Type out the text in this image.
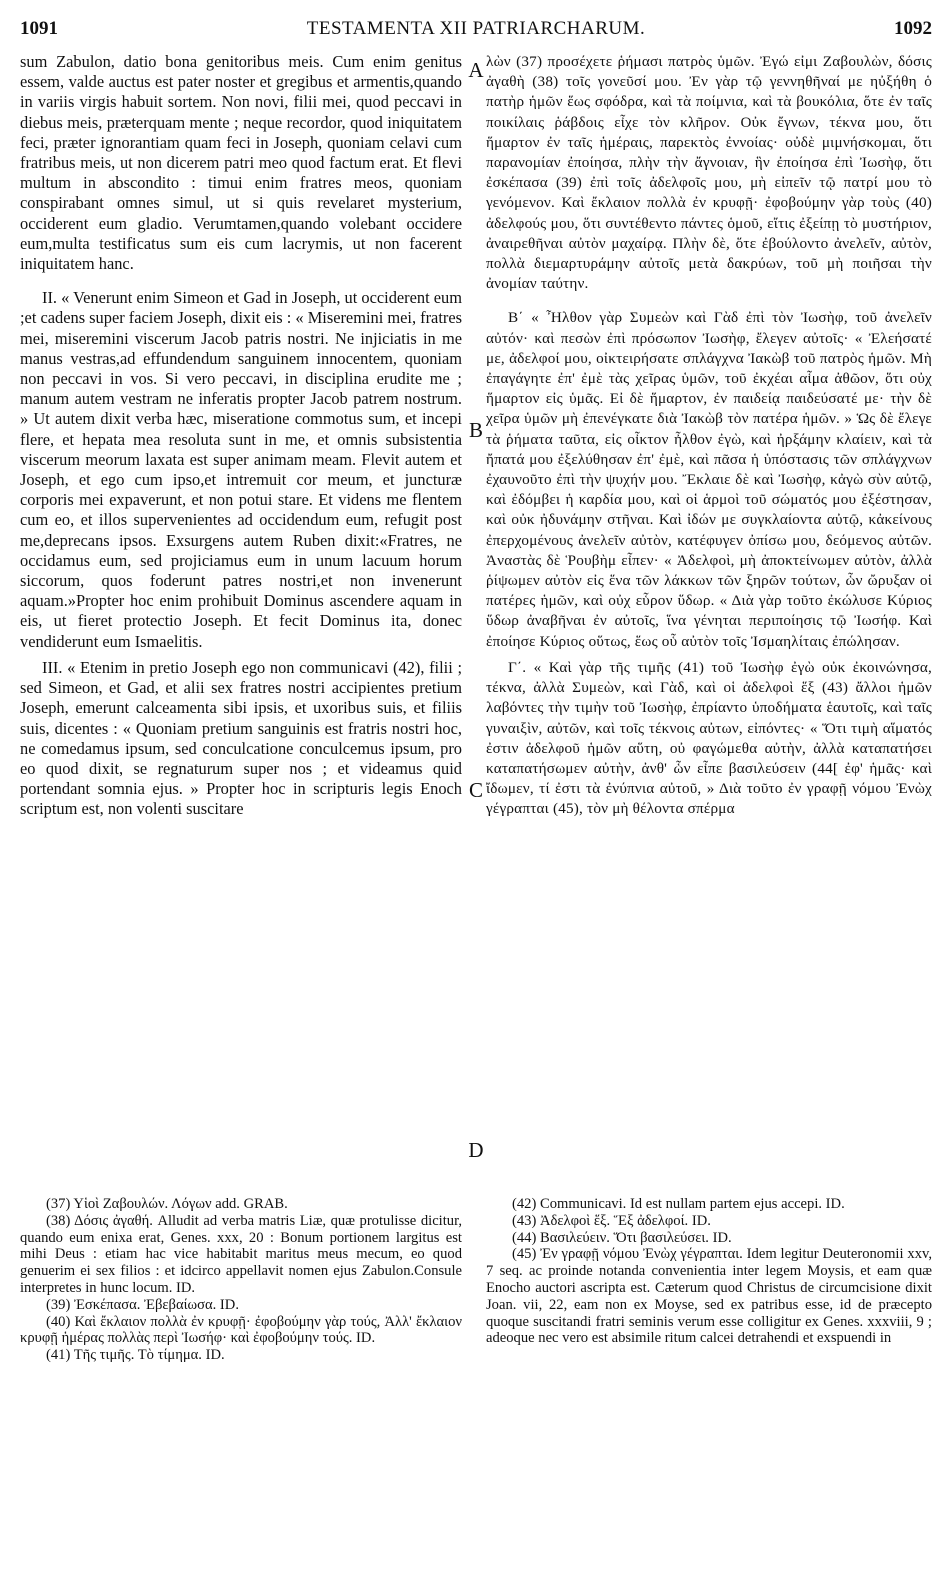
1091	TESTAMENTA XII PATRIARCHARUM.	1092

sum Zabulon, datio bona genitoribus meis. Cum enim genitus essem, valde auctus est pater noster et gregibus et armentis,quando in variis virgis habuit sortem. Non novi, filii mei, quod peccavi in diebus meis, præterquam mente ; neque recordor, quod iniquitatem feci, præter ignorantiam quam feci in Joseph, quoniam celavi cum fratribus meis, ut non dicerem patri meo quod factum erat. Et flevi multum in abscondito : timui enim fratres meos, quoniam conspirabant omnes simul, ut si quis revelaret mysterium, occiderent eum gladio. Verumtamen,quando volebant occidere eum,multa testificatus sum eis cum lacrymis, ut non facerent iniquitatem hanc.

II. « Venerunt enim Simeon et Gad in Joseph, ut occiderent eum ;et cadens super faciem Joseph, dixit eis : « Miseremini mei, fratres mei, miseremini viscerum Jacob patris nostri. Ne injiciatis in me manus vestras,ad effundendum sanguinem innocentem, quoniam non peccavi in vos. Si vero peccavi, in disciplina erudite me ; manum autem vestram ne inferatis propter Jacob patrem nostrum. » Ut autem dixit verba hæc, miseratione commotus sum, et incepi flere, et hepata mea resoluta sunt in me, et omnis subsistentia viscerum meorum laxata est super animam meam. Flevit autem et Joseph, et ego cum ipso,et intremuit cor meum, et juncturæ corporis mei expaverunt, et non potui stare. Et videns me flentem cum eo, et illos supervenientes ad occidendum eum, refugit post me,deprecans ipsos. Exsurgens autem Ruben dixit:«Fratres, ne occidamus eum, sed projiciamus eum in unum lacuum horum siccorum, quos foderunt patres nostri,et non invenerunt aquam.»Propter hoc enim prohibuit Dominus ascendere aquam in eis, ut fieret protectio Joseph. Et fecit Dominus ita, donec vendiderunt eum Ismaelitis.

III. « Etenim in pretio Joseph ego non communicavi (42), filii ; sed Simeon, et Gad, et alii sex fratres nostri accipientes pretium Joseph, emerunt calceamenta sibi ipsis, et uxoribus suis, et filiis suis, dicentes : « Quoniam pretium sanguinis est fratris nostri hoc, ne comedamus ipsum, sed conculcatione conculcemus ipsum, pro eo quod dixit, se regnaturum super nos ; et videamus quid portendant somnia ejus. » Propter hoc in scripturis legis Enoch scriptum est, non volenti suscitare

A
B
C
D

λὼν (37) προσέχετε ῥήμασι πατρὸς ὑμῶν. Ἐγώ εἰμι Ζαβουλὼν, δόσις ἀγαθὴ (38) τοῖς γονεῦσί μου. Ἐν γὰρ τῷ γεννηθῆναί με ηὐξήθη ὁ πατὴρ ἡμῶν ἕως σφόδρα, καὶ τὰ ποίμνια, καὶ τὰ βουκόλια, ὅτε ἐν ταῖς ποικίλαις ῥάβδοις εἶχε τὸν κλῆρον. Οὐκ ἔγνων, τέκνα μου, ὅτι ἥμαρτον ἐν ταῖς ἡμέραις, παρεκτὸς ἐννοίας· οὐδὲ μιμνήσκομαι, ὅτι παρανομίαν ἐποίησα, πλὴν τὴν ἄγνοιαν, ἣν ἐποίησα ἐπὶ Ἰωσὴφ, ὅτι ἐσκέπασα (39) ἐπὶ τοῖς ἀδελφοῖς μου, μὴ εἰπεῖν τῷ πατρί μου τὸ γενόμενον. Καὶ ἔκλαιον πολλὰ ἐν κρυφῇ· ἐφοβούμην γὰρ τοὺς (40) ἀδελφούς μου, ὅτι συντέθεντο πάντες ὁμοῦ, εἴτις ἐξείπῃ τὸ μυστήριον, ἀναιρεθῆναι αὐτὸν μαχαίρᾳ. Πλὴν δὲ, ὅτε ἐβούλοντο ἀνελεῖν, αὐτὸν, πολλὰ διεμαρτυράμην αὐτοῖς μετὰ δακρύων, τοῦ μὴ ποιῆσαι τὴν ἀνομίαν ταύτην.

Β΄ « Ἦλθον γὰρ Συμεὼν καὶ Γὰδ ἐπὶ τὸν Ἰωσὴφ, τοῦ ἀνελεῖν αὐτόν· καὶ πεσὼν ἐπὶ πρόσωπον Ἰωσὴφ, ἔλεγεν αὐτοῖς· « Ἐλεήσατέ με, ἀδελφοί μου, οἰκτειρήσατε σπλάγχνα Ἰακὼβ τοῦ πατρὸς ἡμῶν. Μὴ ἐπαγάγητε ἐπ' ἐμὲ τὰς χεῖρας ὑμῶν, τοῦ ἐκχέαι αἷμα ἀθῶον, ὅτι οὐχ ἥμαρτον εἰς ὑμᾶς. Εἰ δὲ ἥμαρτον, ἐν παιδείᾳ παιδεύσατέ με· τὴν δὲ χεῖρα ὑμῶν μὴ ἐπενέγκατε διὰ Ἰακὼβ τὸν πατέρα ἡμῶν. » Ὡς δὲ ἔλεγε τὰ ῥήματα ταῦτα, εἰς οἶκτον ἦλθον ἐγὼ, καὶ ἠρξάμην κλαίειν, καὶ τὰ ἤπατά μου ἐξελύθησαν ἐπ' ἐμὲ, καὶ πᾶσα ἡ ὑπόστασις τῶν σπλάγχνων ἐχαυνοῦτο ἐπὶ τὴν ψυχήν μου. Ἔκλαιε δὲ καὶ Ἰωσὴφ, κἀγὼ σὺν αὐτῷ, καὶ ἐδόμβει ἡ καρδία μου, καὶ οἱ ἁρμοὶ τοῦ σώματός μου ἐξέστησαν, καὶ οὐκ ἠδυνάμην στῆναι. Καὶ ἰδών με συγκλαίοντα αὐτῷ, κἀκείνους ἐπερχομένους ἀνελεῖν αὐτὸν, κατέφυγεν ὀπίσω μου, δεόμενος αὐτῶν. Ἀναστὰς δὲ Ῥουβὴμ εἶπεν· « Ἀδελφοὶ, μὴ ἀποκτείνωμεν αὐτὸν, ἀλλὰ ῥίψωμεν αὐτὸν εἰς ἕνα τῶν λάκκων τῶν ξηρῶν τούτων, ὧν ὤρυξαν οἱ πατέρες ἡμῶν, καὶ οὐχ εὗρον ὕδωρ. « Διὰ γὰρ τοῦτο ἐκώλυσε Κύριος ὕδωρ ἀναβῆναι ἐν αὐτοῖς, ἵνα γένηται περιποίησις τῷ Ἰωσήφ. Καὶ ἐποίησε Κύριος οὕτως, ἕως οὗ αὐτὸν τοῖς Ἰσμαηλίταις ἐπώλησαν.

Γ΄. « Καὶ γὰρ τῆς τιμῆς (41) τοῦ Ἰωσὴφ ἐγὼ οὐκ ἐκοινώνησα, τέκνα, ἀλλὰ Συμεὼν, καὶ Γὰδ, καὶ οἱ ἀδελφοὶ ἕξ (43) ἄλλοι ἡμῶν λαβόντες τὴν τιμὴν τοῦ Ἰωσὴφ, ἐπρίαντο ὑποδήματα ἑαυτοῖς, καὶ ταῖς γυναιξὶν, αὐτῶν, καὶ τοῖς τέκνοις αὐτων, εἰπόντες· « Ὅτι τιμὴ αἵματός ἐστιν ἀδελφοῦ ἡμῶν αὕτη, οὐ φαγώμεθα αὐτὴν, ἀλλὰ καταπατήσει καταπατήσωμεν αὐτὴν, ἀνθ' ὧν εἶπε βασιλεύσειν (44[ ἐφ' ἡμᾶς· καὶ ἴδωμεν, τί ἐστι τὰ ἐνύπνια αὐτοῦ, » Διὰ τοῦτο ἐν γραφῇ νόμου Ἐνὼχ γέγραπται (45), τὸν μὴ θέλοντα σπέρμα

(37) Υἱοὶ Ζαβουλών. Λόγων add. GRAB.

(38) Δόσις ἀγαθή. Alludit ad verba matris Liæ, quæ protulisse dicitur, quando eum enixa erat, Genes. xxx, 20 : Bonum portionem largitus est mihi Deus : etiam hac vice habitabit maritus meus mecum, eo quod genuerim ei sex filios : et idcirco appellavit nomen ejus Zabulon.Consule interpretes in hunc locum. ID.

(39) Ἐσκέπασα. Ἐβεβαίωσα. ID.

(40) Καὶ ἔκλαιον πολλὰ ἐν κρυφῇ· ἐφοβούμην γὰρ τούς, Ἀλλ' ἔκλαιον κρυφῇ ἡμέρας πολλὰς περὶ Ἰωσήφ· καὶ ἐφοβούμην τούς. ID.

(41) Τῆς τιμῆς. Τὸ τίμημα. ID.

(42) Communicavi. Id est nullam partem ejus accepi. ID.

(43) Ἀδελφοὶ ἕξ. Ἕξ ἀδελφοί. ID.

(44) Βασιλεύειν. Ὅτι βασιλεύσει. ID.

(45) Ἐν γραφῇ νόμου Ἐνὼχ γέγραπται. Idem legitur Deuteronomii xxv, 7 seq. ac proinde notanda convenientia inter legem Moysis, et eam quæ Enocho auctori ascripta est. Cæterum quod Christus de circumcisione dixit Joan. vii, 22, eam non ex Moyse, sed ex patribus esse, id de præcepto quoque suscitandi fratri seminis verum esse colligitur ex Genes. xxxviii, 9 ; adeoque nec vero est absimile ritum calcei detrahendi et exspuendi in
